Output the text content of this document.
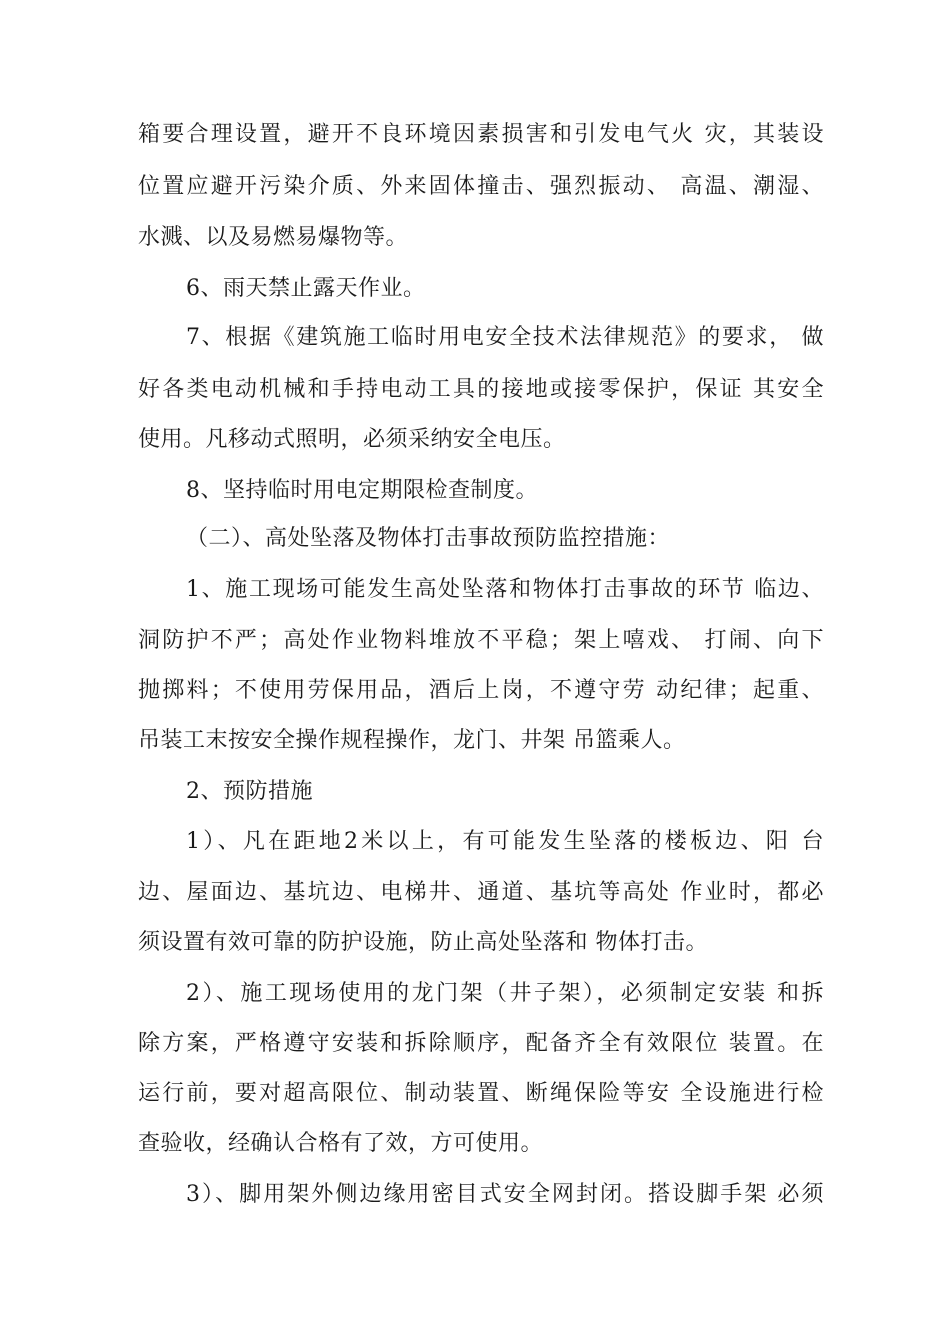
箱要合理设置，避开不良环境因素损害和引发电气火 灾，其装设
位置应避开污染介质、外来固体撞击、强烈振动、 高温、潮湿、
水溅、以及易燃易爆物等。
6、雨天禁止露天作业。
7、根据《建筑施工临时用电安全技术法律规范》的要求， 做
好各类电动机械和手持电动工具的接地或接零保护，保证 其安全
使用。凡移动式照明，必须采纳安全电压。
8、坚持临时用电定期限检查制度。
（二）、高处坠落及物体打击事故预防监控措施：
1、施工现场可能发生高处坠落和物体打击事故的环节 临边、
洞防护不严；高处作业物料堆放不平稳；架上嘻戏、 打闹、向下
抛掷料；不使用劳保用品，酒后上岗，不遵守劳 动纪律；起重、
吊装工末按安全操作规程操作，龙门、井架 吊篮乘人。
2、预防措施
1）、凡在距地2米以上，有可能发生坠落的楼板边、阳 台
边、屋面边、基坑边、电梯井、通道、基坑等高处 作业时，都必
须设置有效可靠的防护设施，防止高处坠落和 物体打击。
2）、施工现场使用的龙门架（井子架），必须制定安装 和拆
除方案，严格遵守安装和拆除顺序，配备齐全有效限位 装置。在
运行前，要对超高限位、制动装置、断绳保险等安 全设施进行检
查验收，经确认合格有了效，方可使用。
3）、脚用架外侧边缘用密目式安全网封闭。搭设脚手架 必须
